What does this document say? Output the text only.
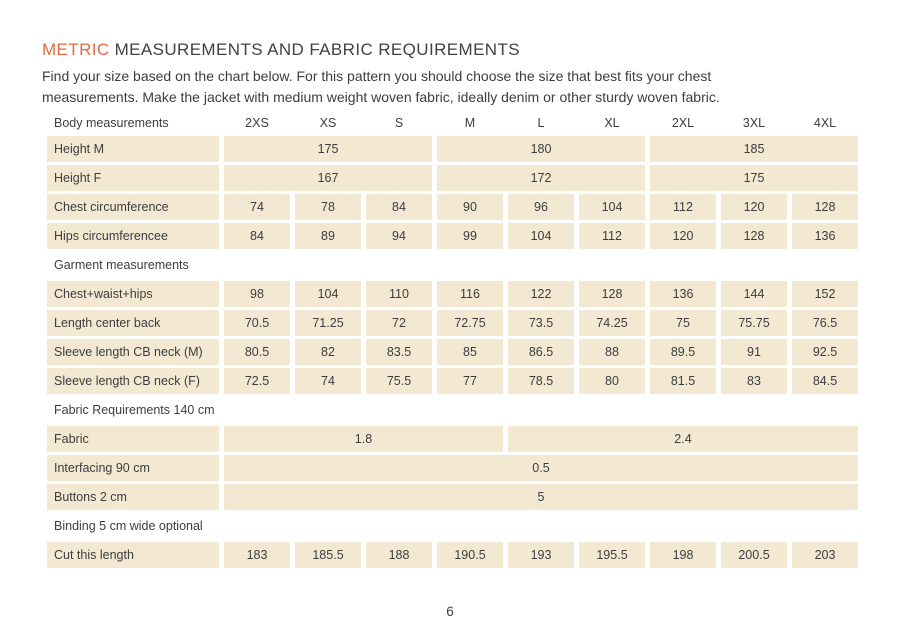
METRIC MEASUREMENTS AND FABRIC REQUIREMENTS
Find your size based on the chart below. For this pattern you should choose the size that best fits your chest
measurements. Make the jacket with medium weight woven fabric, ideally denim or other sturdy woven fabric.
Body measurements	2XS	XS	S	M	L	XL	2XL	3XL	4XL
Height M	175			180			185		
Height F	167			172			175		
Chest circumference	74	78	84	90	96	104	112	120	128
Hips circumferencee	84	89	94	99	104	112	120	128	136
Garment measurements									
Chest+waist+hips	98	104	110	116	122	128	136	144	152
Length center back	70.5	71.25	72	72.75	73.5	74.25	75	75.75	76.5
Sleeve length CB neck (M)	80.5	82	83.5	85	86.5	88	89.5	91	92.5
Sleeve length CB neck (F)	72.5	74	75.5	77	78.5	80	81.5	83	84.5
Fabric Requirements 140 cm									
Fabric	1.8				2.4				
Interfacing 90 cm	0.5								
Buttons 2 cm	5								
Binding 5 cm wide optional									
Cut this length	183	185.5	188	190.5	193	195.5	198	200.5	203
6
